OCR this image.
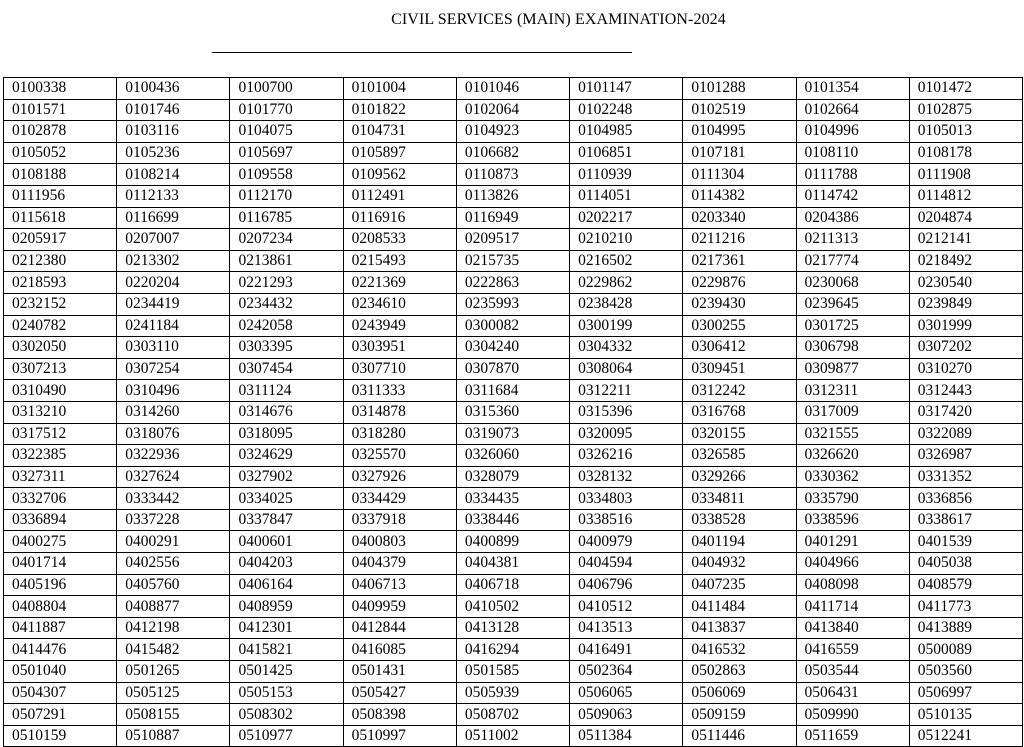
CIVIL SERVICES (MAIN) EXAMINATION-2024
0100338	0100436	0100700	0101004	0101046	0101147	0101288	0101354	0101472
0101571	0101746	0101770	0101822	0102064	0102248	0102519	0102664	0102875
0102878	0103116	0104075	0104731	0104923	0104985	0104995	0104996	0105013
0105052	0105236	0105697	0105897	0106682	0106851	0107181	0108110	0108178
0108188	0108214	0109558	0109562	0110873	0110939	0111304	0111788	0111908
0111956	0112133	0112170	0112491	0113826	0114051	0114382	0114742	0114812
0115618	0116699	0116785	0116916	0116949	0202217	0203340	0204386	0204874
0205917	0207007	0207234	0208533	0209517	0210210	0211216	0211313	0212141
0212380	0213302	0213861	0215493	0215735	0216502	0217361	0217774	0218492
0218593	0220204	0221293	0221369	0222863	0229862	0229876	0230068	0230540
0232152	0234419	0234432	0234610	0235993	0238428	0239430	0239645	0239849
0240782	0241184	0242058	0243949	0300082	0300199	0300255	0301725	0301999
0302050	0303110	0303395	0303951	0304240	0304332	0306412	0306798	0307202
0307213	0307254	0307454	0307710	0307870	0308064	0309451	0309877	0310270
0310490	0310496	0311124	0311333	0311684	0312211	0312242	0312311	0312443
0313210	0314260	0314676	0314878	0315360	0315396	0316768	0317009	0317420
0317512	0318076	0318095	0318280	0319073	0320095	0320155	0321555	0322089
0322385	0322936	0324629	0325570	0326060	0326216	0326585	0326620	0326987
0327311	0327624	0327902	0327926	0328079	0328132	0329266	0330362	0331352
0332706	0333442	0334025	0334429	0334435	0334803	0334811	0335790	0336856
0336894	0337228	0337847	0337918	0338446	0338516	0338528	0338596	0338617
0400275	0400291	0400601	0400803	0400899	0400979	0401194	0401291	0401539
0401714	0402556	0404203	0404379	0404381	0404594	0404932	0404966	0405038
0405196	0405760	0406164	0406713	0406718	0406796	0407235	0408098	0408579
0408804	0408877	0408959	0409959	0410502	0410512	0411484	0411714	0411773
0411887	0412198	0412301	0412844	0413128	0413513	0413837	0413840	0413889
0414476	0415482	0415821	0416085	0416294	0416491	0416532	0416559	0500089
0501040	0501265	0501425	0501431	0501585	0502364	0502863	0503544	0503560
0504307	0505125	0505153	0505427	0505939	0506065	0506069	0506431	0506997
0507291	0508155	0508302	0508398	0508702	0509063	0509159	0509990	0510135
0510159	0510887	0510977	0510997	0511002	0511384	0511446	0511659	0512241
